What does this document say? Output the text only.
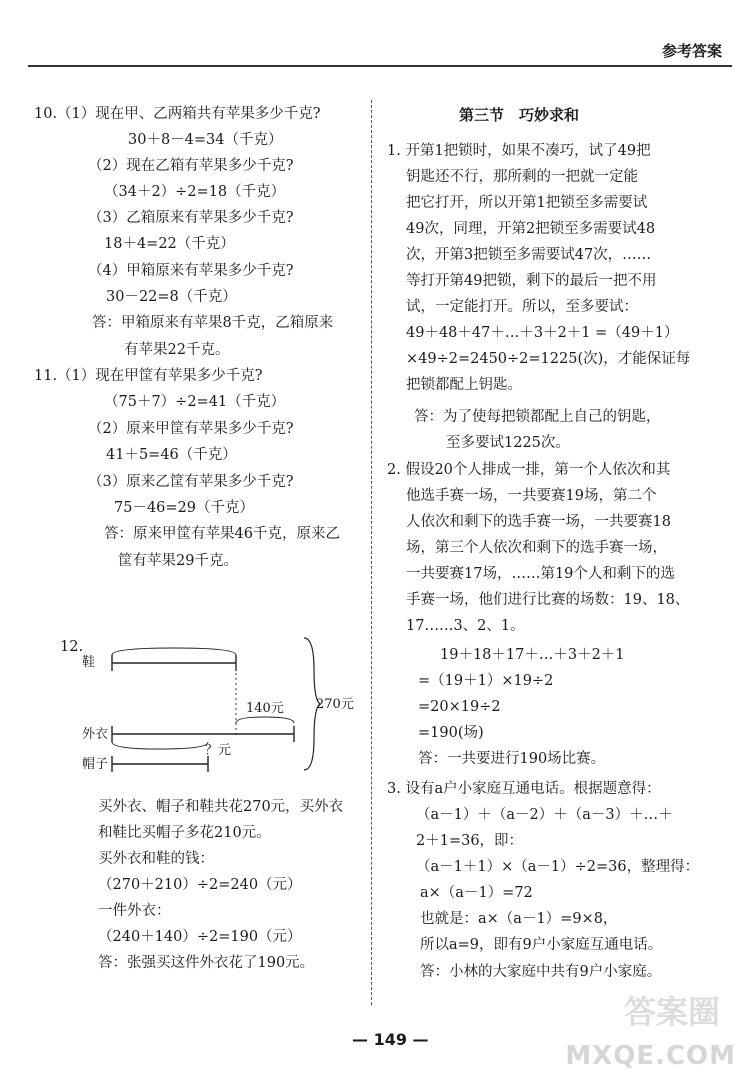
参考答案
10.（1）现在甲、乙两箱共有苹果多少千克?
30＋8－4=34（千克）
（2）现在乙箱有苹果多少千克?
（34＋2）÷2=18（千克）
（3）乙箱原来有苹果多少千克?
18＋4=22（千克）
（4）甲箱原来有苹果多少千克?
30－22=8（千克）
答：甲箱原来有苹果8千克，乙箱原来
有苹果22千克。
11.（1）现在甲筐有苹果多少千克?
（75＋7）÷2=41（千克）
（2）原来甲筐有苹果多少千克?
41＋5=46（千克）
（3）原来乙筐有苹果多少千克?
75－46=29（千克）
答：原来甲筐有苹果46千克，原来乙
筐有苹果29千克。
12.
鞋
140元
外衣
？元
帽子
270元
买外衣、帽子和鞋共花270元，买外衣
和鞋比买帽子多花210元。
买外衣和鞋的钱：
（270＋210）÷2=240（元）
一件外衣：
（240＋140）÷2=190（元）
答：张强买这件外衣花了190元。
第三节　巧妙求和
1. 开第1把锁时，如果不凑巧，试了49把
钥匙还不行，那所剩的一把就一定能
把它打开，所以开第1把锁至多需要试
49次，同理，开第2把锁至多需要试48
次，开第3把锁至多需要试47次，……
等打开第49把锁，剩下的最后一把不用
试，一定能打开。所以，至多要试：
49＋48＋47＋…＋3＋2＋1 =（49＋1）
×49÷2=2450÷2=1225(次)，才能保证每
把锁都配上钥匙。
答：为了使每把锁都配上自己的钥匙，
至多要试1225次。
2. 假设20个人排成一排，第一个人依次和其
他选手赛一场，一共要赛19场，第二个
人依次和剩下的选手赛一场，一共要赛18
场，第三个人依次和剩下的选手赛一场，
一共要赛17场，……第19个人和剩下的选
手赛一场，他们进行比赛的场数：19、18、
17……3、2、1。
19＋18＋17＋…＋3＋2＋1
=（19＋1）×19÷2
=20×19÷2
=190(场)
答：一共要进行190场比赛。
3. 设有a户小家庭互通电话。根据题意得：
（a－1）＋（a－2）＋（a－3）＋…＋
2＋1=36，即：
（a－1＋1）×（a－1）÷2=36，整理得：
a×（a－1）=72
也就是：a×（a－1）=9×8，
所以a=9，即有9户小家庭互通电话。
答：小林的大家庭中共有9户小家庭。
— 149 —
答案圈
MXQE.COM
